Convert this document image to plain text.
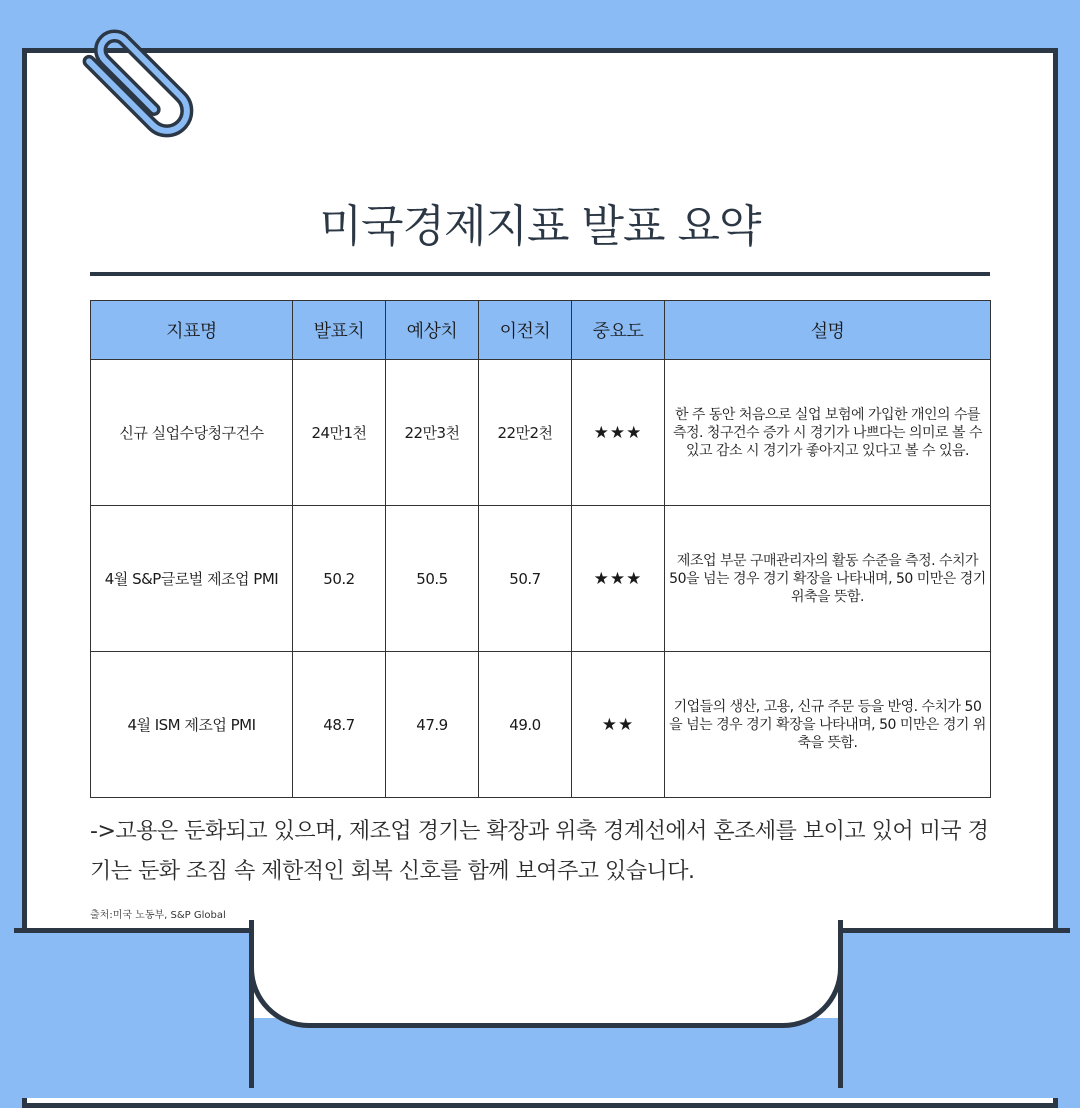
미국경제지표 발표 요약
지표명	발표치	예상치	이전치	중요도	설명
신규 실업수당청구건수	24만1천	22만3천	22만2천	★★★	한 주 동안 처음으로 실업 보험에 가입한 개인의 수를 측정. 청구건수 증가 시 경기가 나쁘다는 의미로 볼 수 있고 감소 시 경기가 좋아지고 있다고 볼 수 있음.
4월 S&P글로벌 제조업 PMI	50.2	50.5	50.7	★★★	제조업 부문 구매관리자의 활동 수준을 측정. 수치가 50을 넘는 경우 경기 확장을 나타내며, 50 미만은 경기 위축을 뜻함.
4월 ISM 제조업 PMI	48.7	47.9	49.0	★★	기업들의 생산, 고용, 신규 주문 등을 반영. 수치가 50을 넘는 경우 경기 확장을 나타내며, 50 미만은 경기 위축을 뜻함.
->고용은 둔화되고 있으며, 제조업 경기는 확장과 위축 경계선에서 혼조세를 보이고 있어 미국 경기는 둔화 조짐 속 제한적인 회복 신호를 함께 보여주고 있습니다.
출처:미국 노동부, S&P Global
